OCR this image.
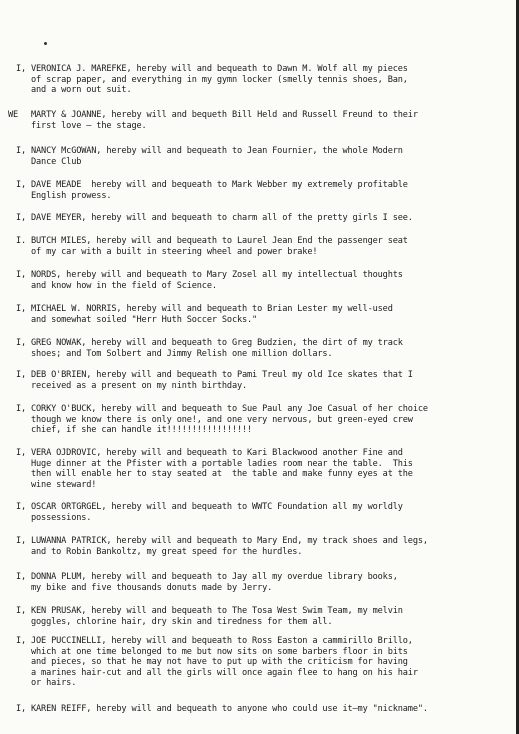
I, VERONICA J. MAREFKE, hereby will and bequeath to Dawn M. Wolf all my pieces
of scrap paper, and everything in my gymn locker (smelly tennis shoes, Ban,
and a worn out suit.
WE MARTY & JOANNE, hereby will and bequeth Bill Held and Russell Freund to their
first love — the stage.
I, NANCY McGOWAN, hereby will and bequeath to Jean Fournier, the whole Modern
Dance Club
I, DAVE MEADE  hereby will and bequeath to Mark Webber my extremely profitable
English prowess.
I, DAVE MEYER, hereby will and bequeath to charm all of the pretty girls I see.
I. BUTCH MILES, hereby will and bequeath to Laurel Jean End the passenger seat
of my car with a built in steering wheel and power brake!
I, NORDS, hereby will and bequeath to Mary Zosel all my intellectual thoughts
and know how in the field of Science.
I, MICHAEL W. NORRIS, hereby will and bequeath to Brian Lester my well-used
and somewhat soiled "Herr Huth Soccer Socks."
I, GREG NOWAK, hereby will and bequeath to Greg Budzien, the dirt of my track
shoes; and Tom Solbert and Jimmy Relish one million dollars.
I, DEB O'BRIEN, hereby will and bequeath to Pami Treul my old Ice skates that I
received as a present on my ninth birthday.
I, CORKY O'BUCK, hereby will and bequeath to Sue Paul any Joe Casual of her choice
though we know there is only one!, and one very nervous, but green-eyed crew
chief, if she can handle it!!!!!!!!!!!!!!!!!
I, VERA OJDROVIC, hereby will and bequeath to Kari Blackwood another Fine and
Huge dinner at the Pfister with a portable ladies room near the table.  This
then will enable her to stay seated at  the table and make funny eyes at the
wine steward!
I, OSCAR ORTGRGEL, hereby will and bequeath to WWTC Foundation all my worldly
possessions.
I, LUWANNA PATRICK, hereby will and bequeath to Mary End, my track shoes and legs,
and to Robin Bankoltz, my great speed for the hurdles.
I, DONNA PLUM, hereby will and bequeath to Jay all my overdue library books,
my bike and five thousands donuts made by Jerry.
I, KEN PRUSAK, hereby will and bequeath to The Tosa West Swim Team, my melvin
goggles, chlorine hair, dry skin and tiredness for them all.
I, JOE PUCCINELLI, hereby will and bequeath to Ross Easton a cammirillo Brillo,
which at one time belonged to me but now sits on some barbers floor in bits
and pieces, so that he may not have to put up with the criticism for having
a marines hair-cut and all the girls will once again flee to hang on his hair
or hairs.
I, KAREN REIFF, hereby will and bequeath to anyone who could use it—my "nickname".
